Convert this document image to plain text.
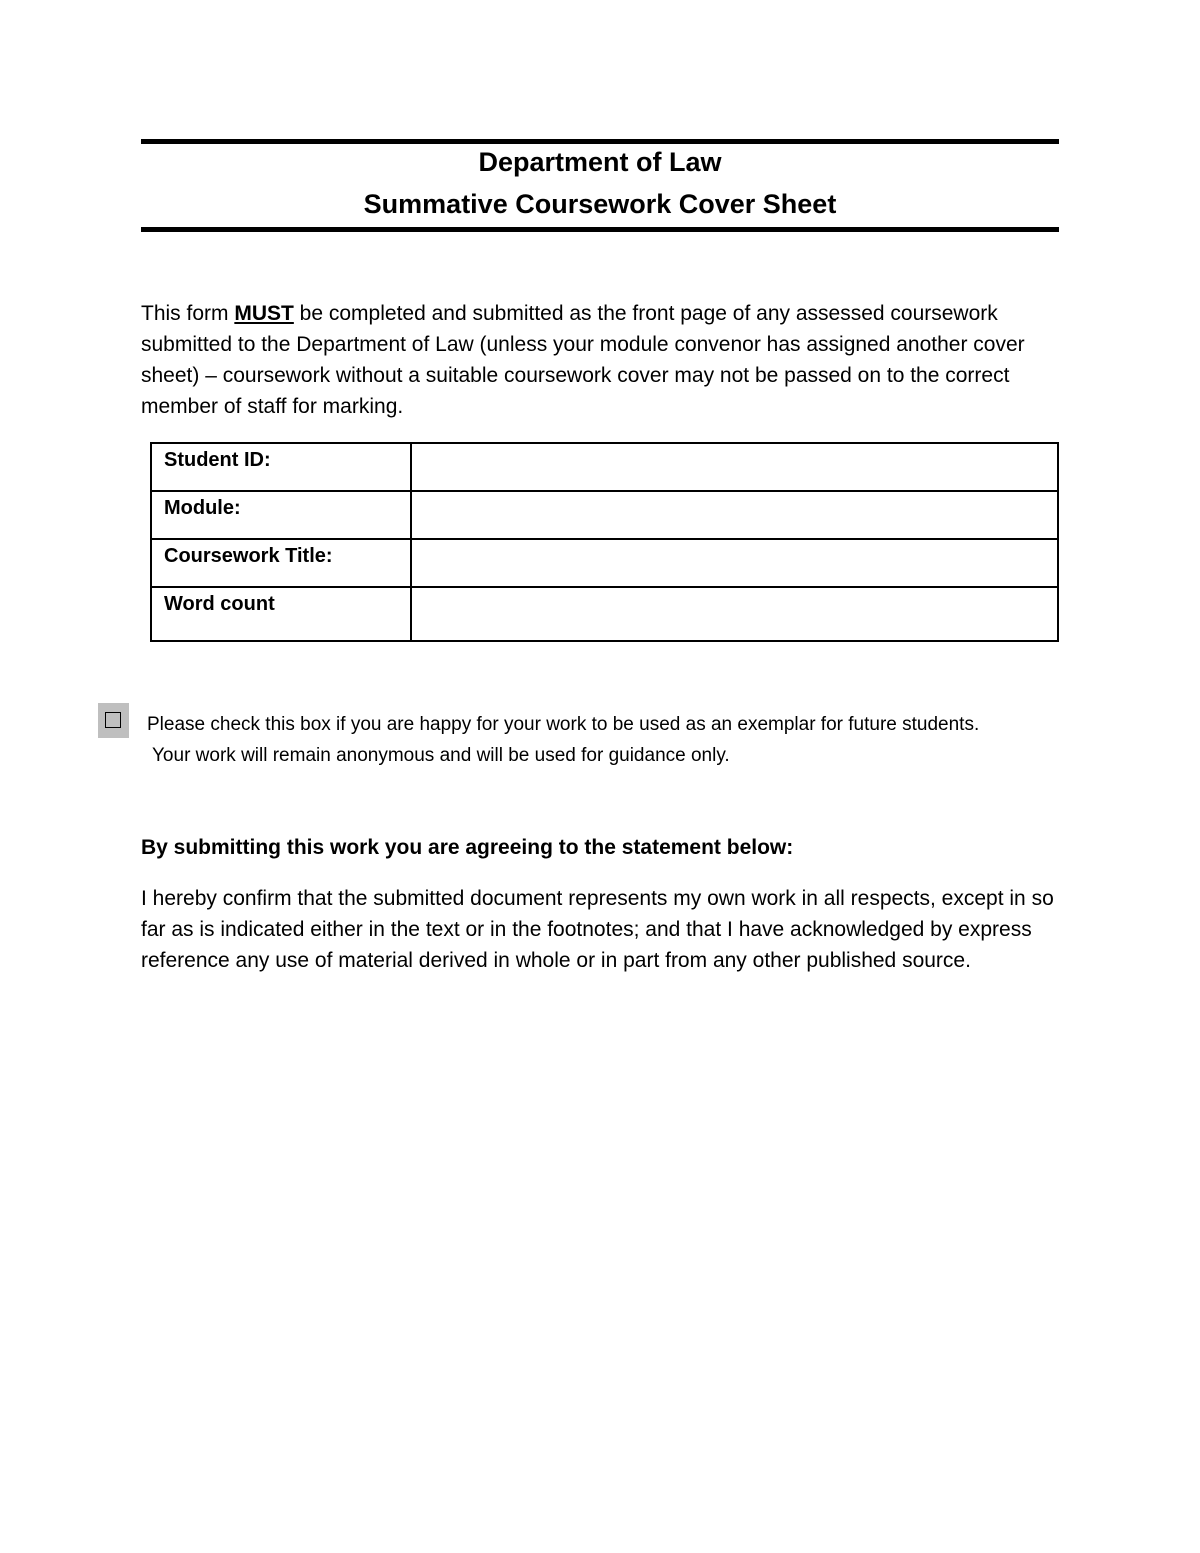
Department of Law
Summative Coursework Cover Sheet
This form MUST be completed and submitted as the front page of any assessed coursework submitted to the Department of Law (unless your module convenor has assigned another cover sheet) – coursework without a suitable coursework cover may not be passed on to the correct member of staff for marking.
Student ID:	
Module:	
Coursework Title:	
Word count	
Please check this box if you are happy for your work to be used as an exemplar for future students.
Your work will remain anonymous and will be used for guidance only.
By submitting this work you are agreeing to the statement below:
I hereby confirm that the submitted document represents my own work in all respects, except in so far as is indicated either in the text or in the footnotes; and that I have acknowledged by express reference any use of material derived in whole or in part from any other published source.
